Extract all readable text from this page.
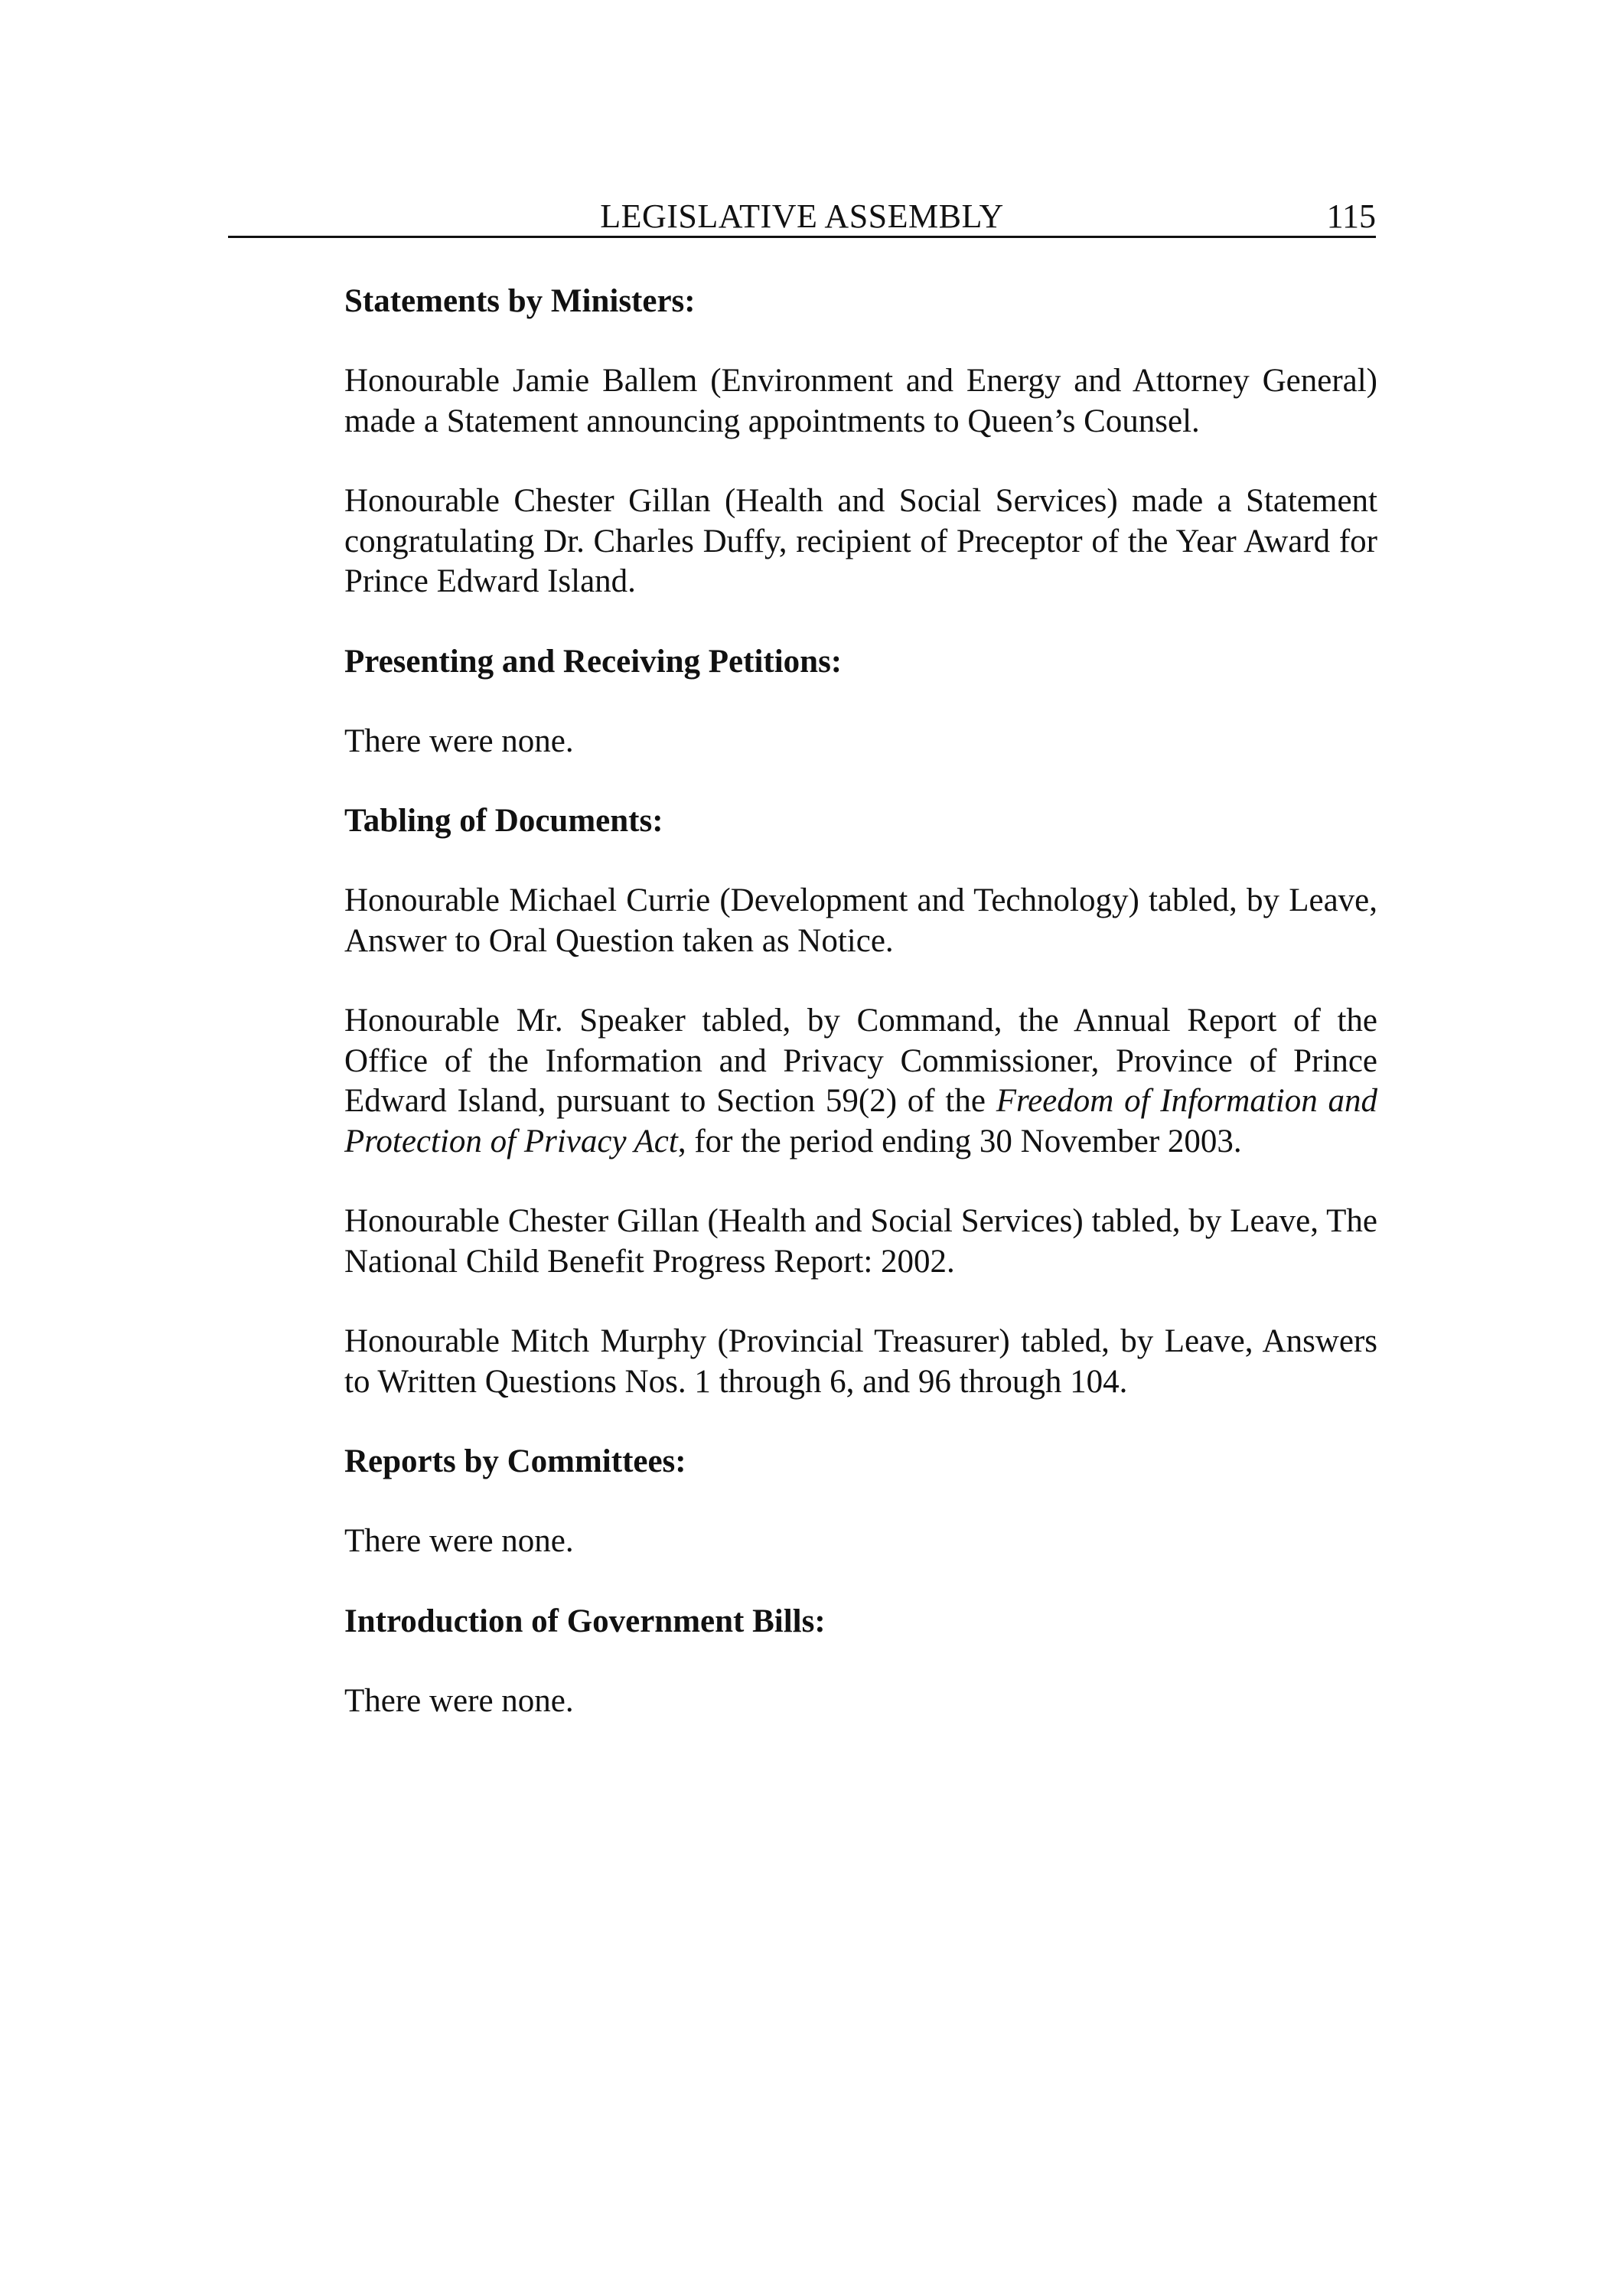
LEGISLATIVE ASSEMBLY	115
Statements by Ministers:
Honourable Jamie Ballem (Environment and Energy and Attorney General) made a Statement announcing appointments to Queen’s Counsel.
Honourable Chester Gillan (Health and Social Services) made a Statement congratulating Dr. Charles Duffy, recipient of Preceptor of the Year Award for Prince Edward Island.
Presenting and Receiving Petitions:
There were none.
Tabling of Documents:
Honourable Michael Currie (Development and Technology) tabled, by Leave, Answer to Oral Question taken as Notice.
Honourable Mr. Speaker tabled, by Command, the Annual Report of the Office of the Information and Privacy Commissioner, Province of Prince Edward Island, pursuant to Section 59(2) of the Freedom of Information and Protection of Privacy Act, for the period ending 30 November 2003.
Honourable Chester Gillan (Health and Social Services) tabled, by Leave, The National Child Benefit Progress Report: 2002.
Honourable Mitch Murphy (Provincial Treasurer) tabled, by Leave, Answers to Written Questions Nos. 1 through 6, and 96 through 104.
Reports by Committees:
There were none.
Introduction of Government Bills:
There were none.
